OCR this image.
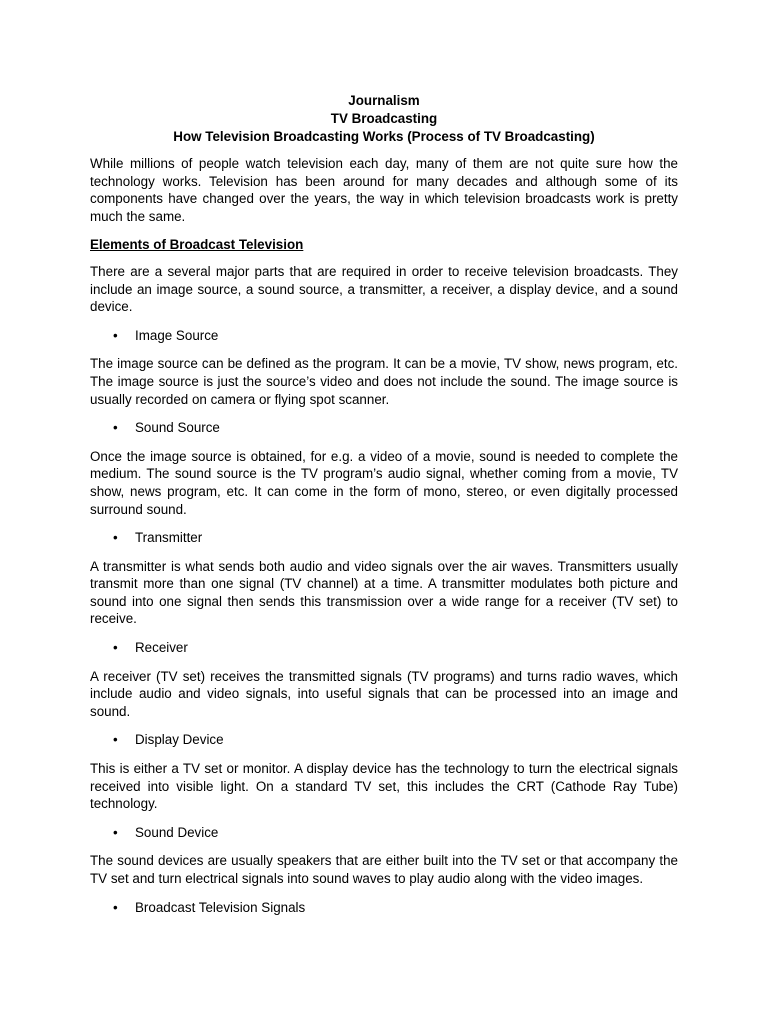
Journalism
TV Broadcasting
How Television Broadcasting Works (Process of TV Broadcasting)

While millions of people watch television each day, many of them are not quite sure how the technology works. Television has been around for many decades and although some of its components have changed over the years, the way in which television broadcasts work is pretty much the same.

Elements of Broadcast Television

There are a several major parts that are required in order to receive television broadcasts. They include an image source, a sound source, a transmitter, a receiver, a display device, and a sound device.

•	Image Source

The image source can be defined as the program. It can be a movie, TV show, news program, etc. The image source is just the source’s video and does not include the sound. The image source is usually recorded on camera or flying spot scanner.

•	Sound Source

Once the image source is obtained, for e.g. a video of a movie, sound is needed to complete the medium. The sound source is the TV program’s audio signal, whether coming from a movie, TV show, news program, etc. It can come in the form of mono, stereo, or even digitally processed surround sound.

•	Transmitter

A transmitter is what sends both audio and video signals over the air waves. Transmitters usually transmit more than one signal (TV channel) at a time. A transmitter modulates both picture and sound into one signal then sends this transmission over a wide range for a receiver (TV set) to receive.

•	Receiver

A receiver (TV set) receives the transmitted signals (TV programs) and turns radio waves, which include audio and video signals, into useful signals that can be processed into an image and sound.

•	Display Device

This is either a TV set or monitor. A display device has the technology to turn the electrical signals received into visible light. On a standard TV set, this includes the CRT (Cathode Ray Tube) technology.

•	Sound Device

The sound devices are usually speakers that are either built into the TV set or that accompany the TV set and turn electrical signals into sound waves to play audio along with the video images.

•	Broadcast Television Signals
